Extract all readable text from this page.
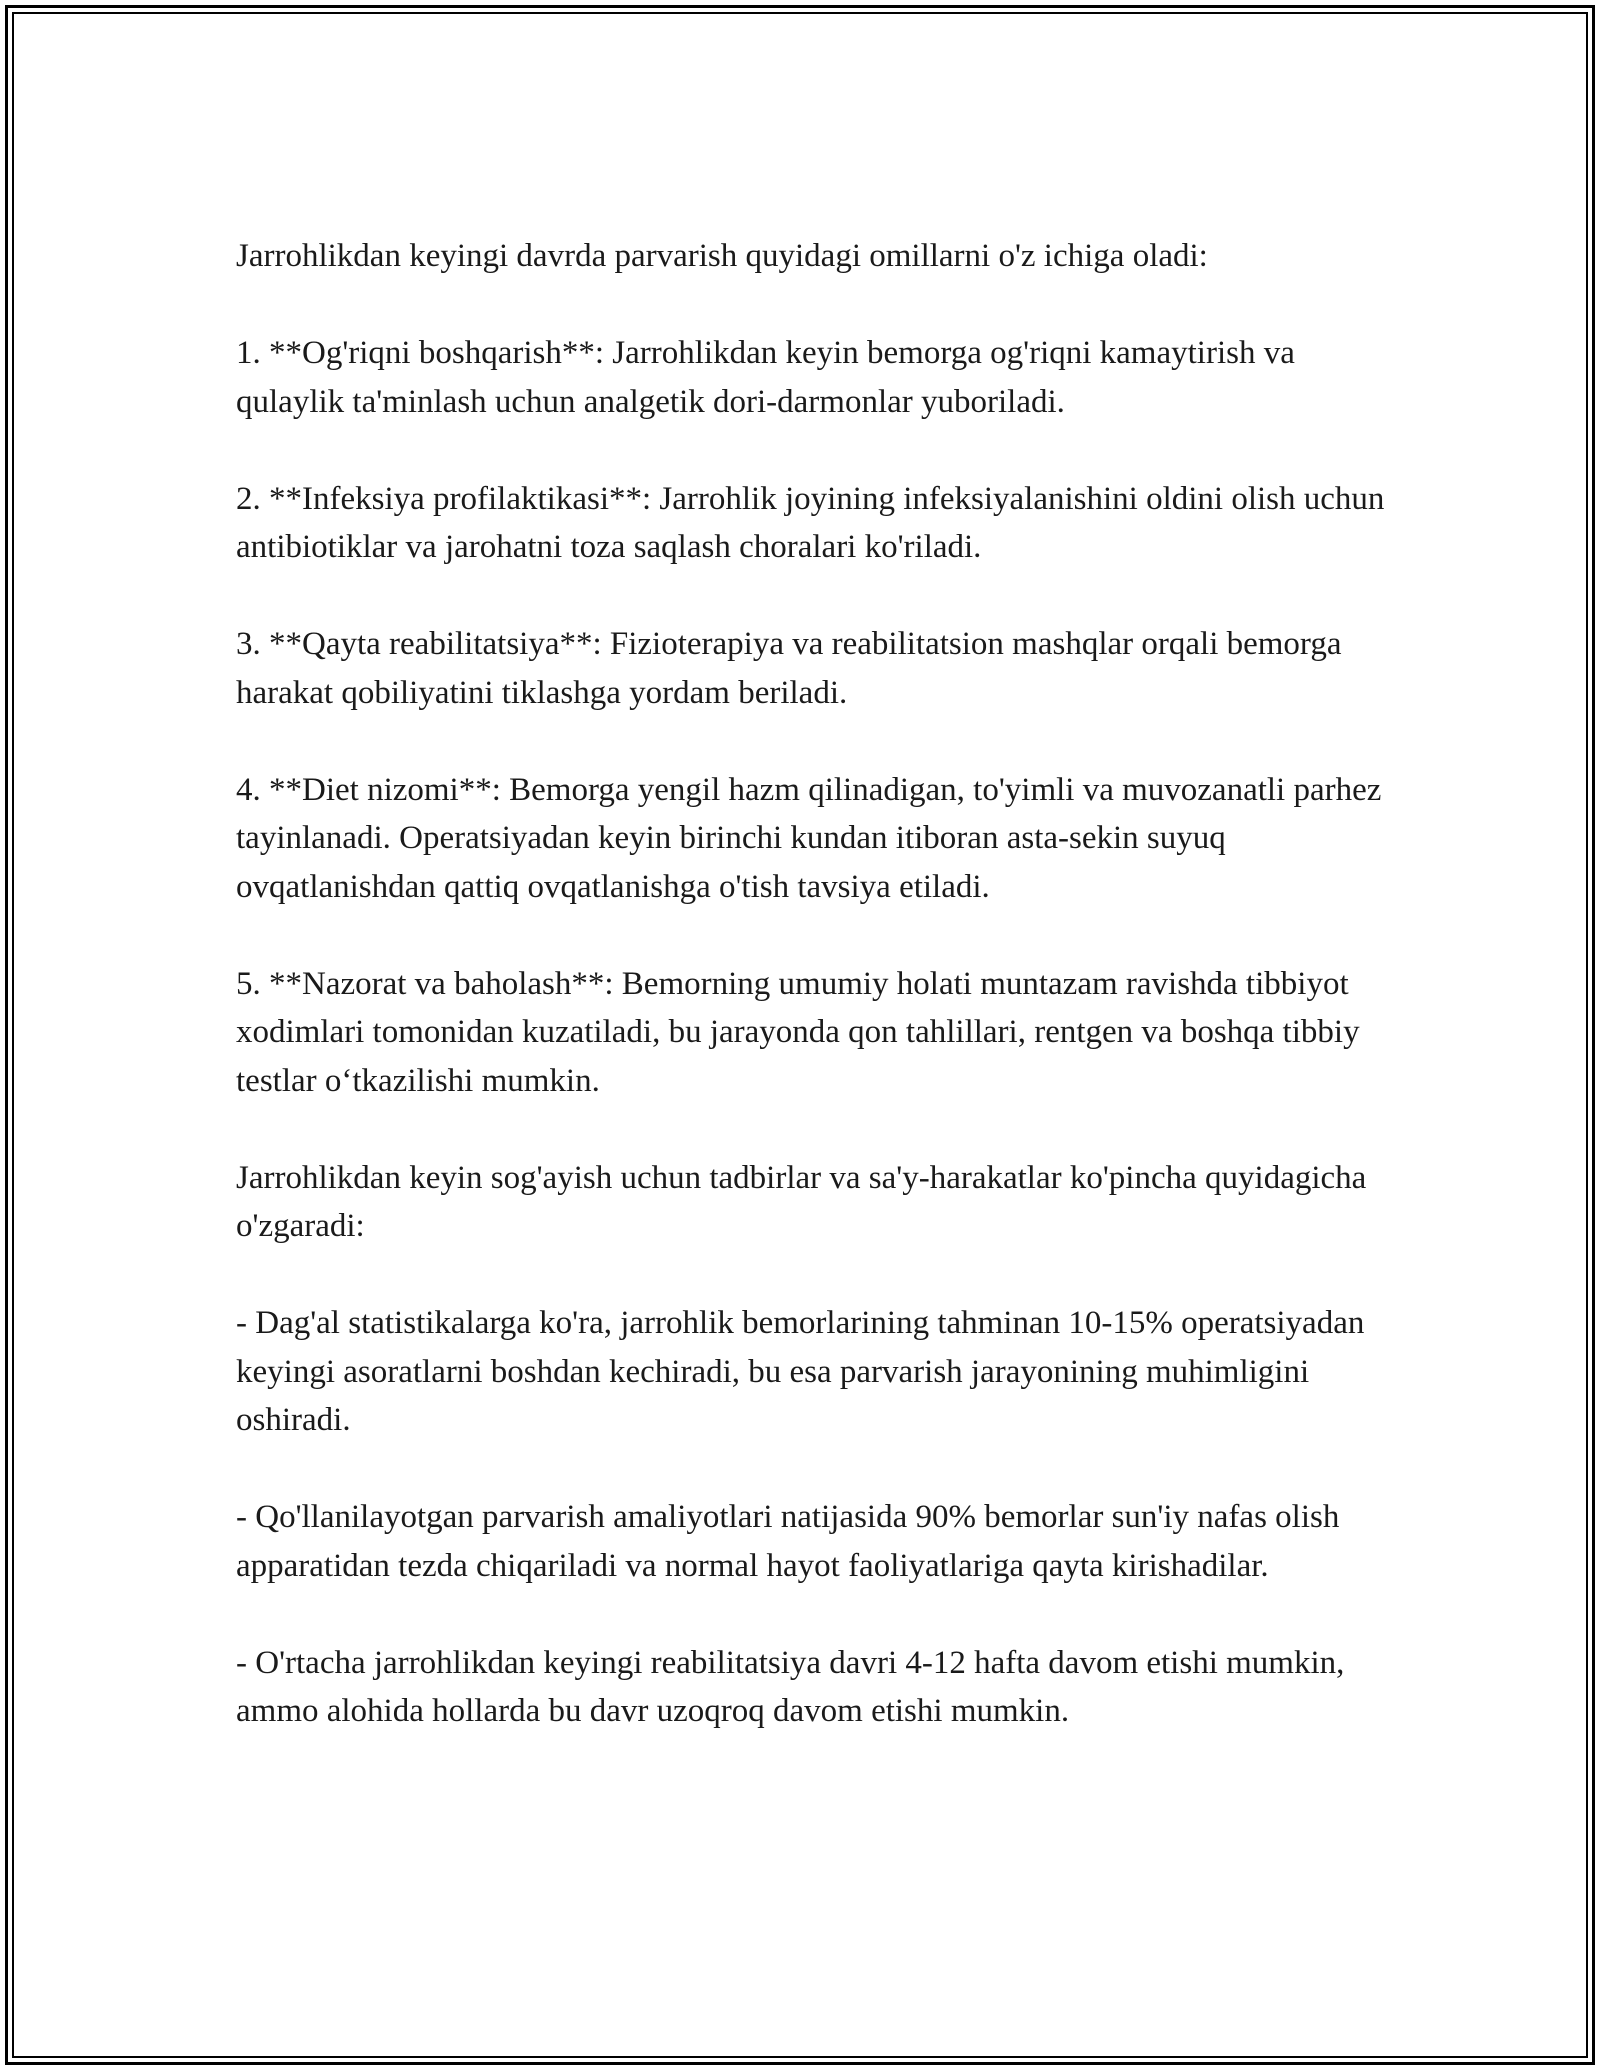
Jarrohlikdan keyingi davrda parvarish quyidagi omillarni o'z ichiga oladi:

1. **Og'riqni boshqarish**: Jarrohlikdan keyin bemorga og'riqni kamaytirish va qulaylik ta'minlash uchun analgetik dori-darmonlar yuboriladi.

2. **Infeksiya profilaktikasi**: Jarrohlik joyining infeksiyalanishini oldini olish uchun antibiotiklar va jarohatni toza saqlash choralari ko'riladi.

3. **Qayta reabilitatsiya**: Fizioterapiya va reabilitatsion mashqlar orqali bemorga harakat qobiliyatini tiklashga yordam beriladi.

4. **Diet nizomi**: Bemorga yengil hazm qilinadigan, to'yimli va muvozanatli parhez tayinlanadi. Operatsiyadan keyin birinchi kundan itiboran asta-sekin suyuq ovqatlanishdan qattiq ovqatlanishga o'tish tavsiya etiladi.

5. **Nazorat va baholash**: Bemorning umumiy holati muntazam ravishda tibbiyot xodimlari tomonidan kuzatiladi, bu jarayonda qon tahlillari, rentgen va boshqa tibbiy testlar o‘tkazilishi mumkin.

Jarrohlikdan keyin sog'ayish uchun tadbirlar va sa'y-harakatlar ko'pincha quyidagicha o'zgaradi:

- Dag'al statistikalarga ko'ra, jarrohlik bemorlarining tahminan 10-15% operatsiyadan keyingi asoratlarni boshdan kechiradi, bu esa parvarish jarayonining muhimligini oshiradi.

- Qo'llanilayotgan parvarish amaliyotlari natijasida 90% bemorlar sun'iy nafas olish apparatidan tezda chiqariladi va normal hayot faoliyatlariga qayta kirishadilar.

- O'rtacha jarrohlikdan keyingi reabilitatsiya davri 4-12 hafta davom etishi mumkin, ammo alohida hollarda bu davr uzoqroq davom etishi mumkin.
